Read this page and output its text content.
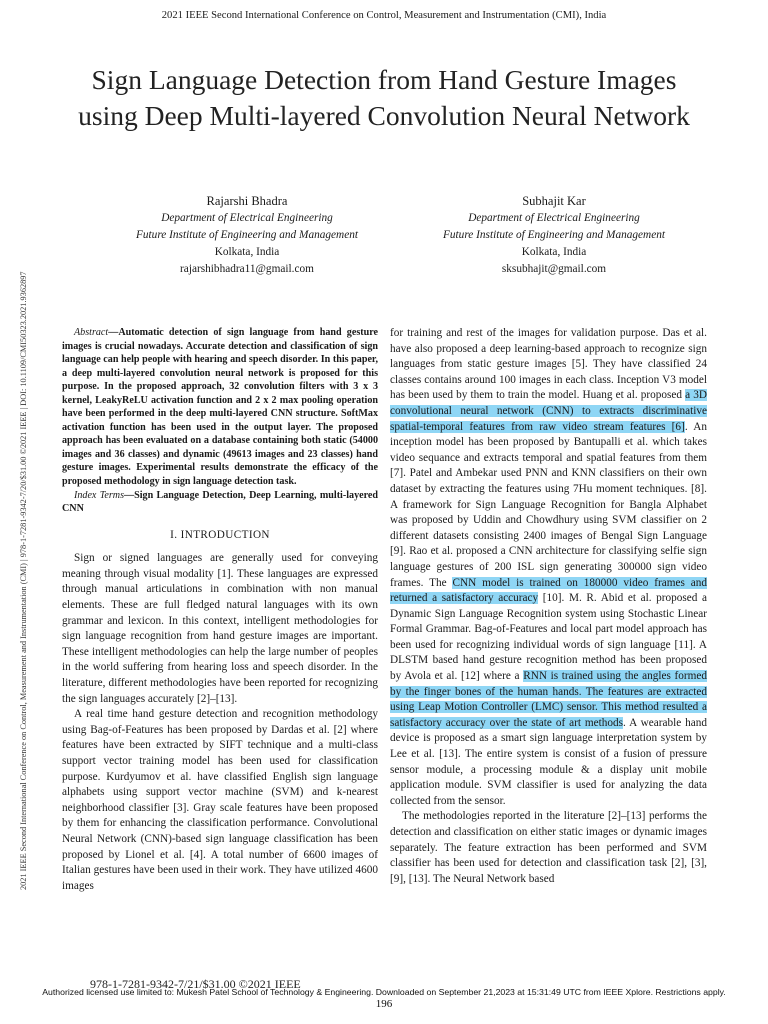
2021 IEEE Second International Conference on Control, Measurement and Instrumentation (CMI), India
2021 IEEE Second International Conference on Control, Measurement and Instrumentation (CMI) | 978-1-7281-9342-7/20/$31.00 ©2021 IEEE | DOI: 10.1109/CMI50323.2021.9362897
Sign Language Detection from Hand Gesture Images using Deep Multi-layered Convolution Neural Network
Rajarshi Bhadra
Department of Electrical Engineering
Future Institute of Engineering and Management
Kolkata, India
rajarshibhadra11@gmail.com
Subhajit Kar
Department of Electrical Engineering
Future Institute of Engineering and Management
Kolkata, India
sksubhajit@gmail.com

Abstract—Automatic detection of sign language from hand gesture images is crucial nowadays. Accurate detection and classification of sign language can help people with hearing and speech disorder. In this paper, a deep multi-layered convolution neural network is proposed for this purpose. In the proposed approach, 32 convolution filters with 3 x 3 kernel, LeakyReLU activation function and 2 x 2 max pooling operation have been performed in the deep multi-layered CNN structure. SoftMax activation function has been used in the output layer. The proposed approach has been evaluated on a database containing both static (54000 images and 36 classes) and dynamic (49613 images and 23 classes) hand gesture images. Experimental results demonstrate the efficacy of the proposed methodology in sign language detection task.

Index Terms—Sign Language Detection, Deep Learning, multi-layered CNN

I. INTRODUCTION

Sign or signed languages are generally used for conveying meaning through visual modality [1]. These languages are expressed through manual articulations in combination with non manual elements. These are full fledged natural languages with its own grammar and lexicon. In this context, intelligent methodologies for sign language recognition from hand gesture images are important. These intelligent methodologies can help the large number of peoples in the world suffering from hearing loss and speech disorder. In the literature, different methodologies have been reported for recognizing the sign languages accurately [2]–[13].

A real time hand gesture detection and recognition methodology using Bag-of-Features has been proposed by Dardas et al. [2] where features have been extracted by SIFT technique and a multi-class support vector training model has been used for classification purpose. Kurdyumov et al. have classified English sign language alphabets using support vector machine (SVM) and k-nearest neighborhood classifier [3]. Gray scale features have been proposed by them for enhancing the classification performance. Convolutional Neural Network (CNN)-based sign language classification has been proposed by Lionel et al. [4]. A total number of 6600 images of Italian gestures have been used in their work. They have utilized 4600 images

for training and rest of the images for validation purpose. Das et al. have also proposed a deep learning-based approach to recognize sign languages from static gesture images [5]. They have classified 24 classes contains around 100 images in each class. Inception V3 model has been used by them to train the model. Huang et al. proposed a 3D convolutional neural network (CNN) to extracts discriminative spatial-temporal features from raw video stream features [6]. An inception model has been proposed by Bantupalli et al. which takes video sequance and extracts temporal and spatial features from them [7]. Patel and Ambekar used PNN and KNN classifiers on their own dataset by extracting the features using 7Hu moment techniques. [8]. A framework for Sign Language Recognition for Bangla Alphabet was proposed by Uddin and Chowdhury using SVM classifier on 2 different datasets consisting 2400 images of Bengal Sign Language [9]. Rao et al. proposed a CNN architecture for classifying selfie sign language gestures of 200 ISL sign generating 300000 sign video frames. The CNN model is trained on 180000 video frames and returned a satisfactory accuracy [10]. M. R. Abid et al. proposed a Dynamic Sign Language Recognition system using Stochastic Linear Formal Grammar. Bag-of-Features and local part model approach has been used for recognizing individual words of sign language [11]. A DLSTM based hand gesture recognition method has been proposed by Avola et al. [12] where a RNN is trained using the angles formed by the finger bones of the human hands. The features are extracted using Leap Motion Controller (LMC) sensor. This method resulted a satisfactory accuracy over the state of art methods. A wearable hand device is proposed as a smart sign language interpretation system by Lee et al. [13]. The entire system is consist of a fusion of pressure sensor module, a processing module & a display unit mobile application module. SVM classifier is used for analyzing the data collected from the sensor.

The methodologies reported in the literature [2]–[13] performs the detection and classification on either static images or dynamic images separately. The feature extraction has been performed and SVM classifier has been used for detection and classification task [2], [3], [9], [13]. The Neural Network based

978-1-7281-9342-7/21/$31.00 ©2021 IEEE
Authorized licensed use limited to: Mukesh Patel School of Technology & Engineering. Downloaded on September 21,2023 at 15:31:49 UTC from IEEE Xplore. Restrictions apply.
196
